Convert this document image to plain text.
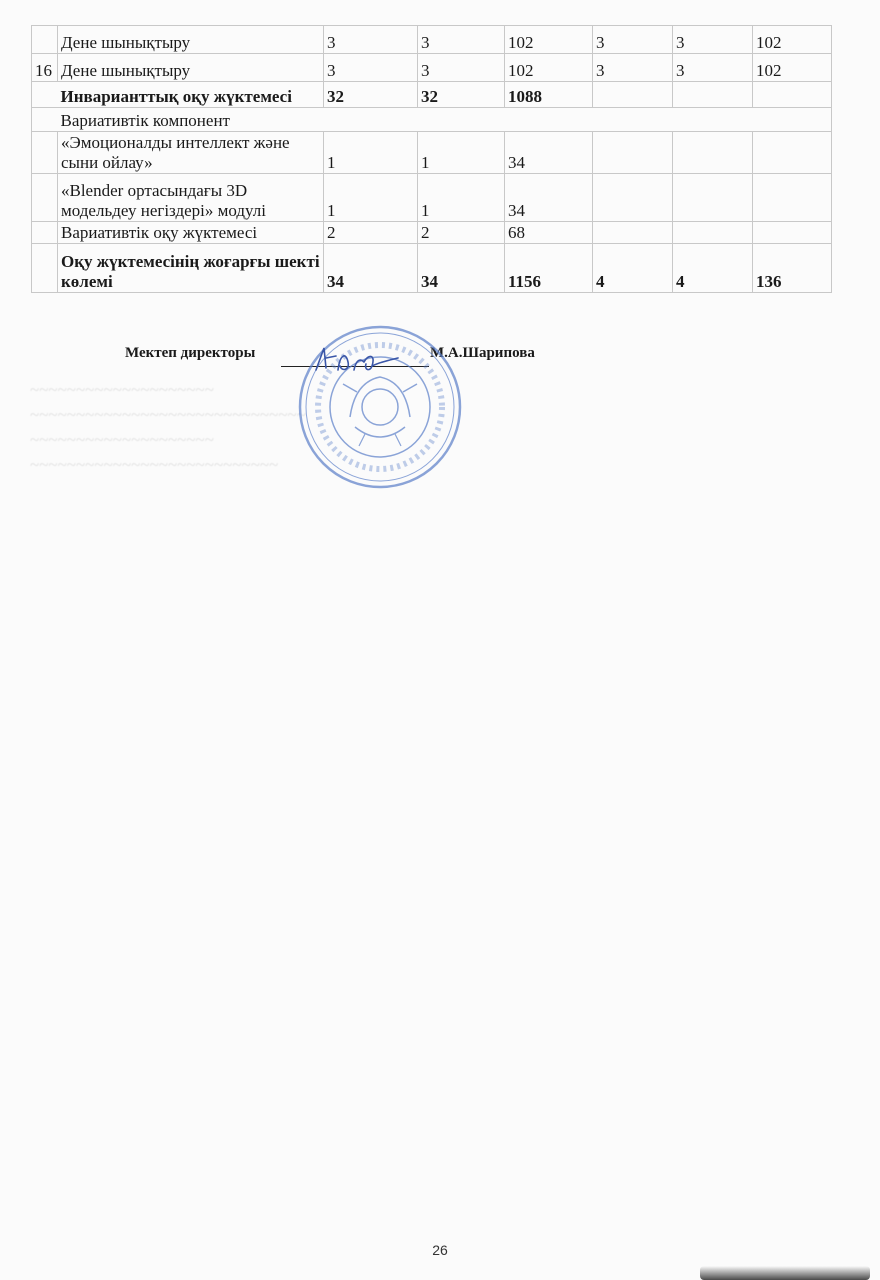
	Дене шынықтыру	3	3	102	3	3	102
16	Дене шынықтыру	3	3	102	3	3	102
	Инварианттық оқу жүктемесі	32	32	1088			
	Вариативтік компонент						
	«Эмоционалды интеллект және сыни ойлау»	1	1	34			
	«Blender ортасындағы 3D модельдеу негіздері» модулі	1	1	34			
	Вариативтік оқу жүктемесі	2	2	68			
	Оқу жүктемесінің жоғарғы шекті көлемі	34	34	1156	4	4	136
~~~~~~~~~~~~~~~~~~~~
~~~~~~~~~~~~~~~~~~~~~~~~~~~~~~
~~~~~~~~~~~~~~~~~~~~
~~~~~~~~~~~~~~~~~~~~~~~~~~~
Мектеп директоры	М.А.Шарипова
26
